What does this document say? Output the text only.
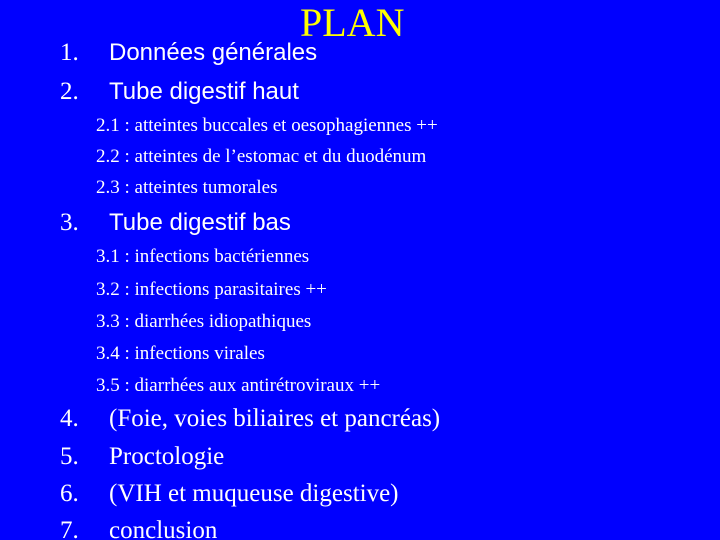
PLAN
1. Données générales
2. Tube digestif haut
2.1 : atteintes buccales et oesophagiennes ++
2.2 : atteintes de l’estomac et du duodénum
2.3 : atteintes tumorales
3. Tube digestif bas
3.1 : infections bactériennes
3.2 : infections parasitaires ++
3.3 : diarrhées idiopathiques
3.4 : infections virales
3.5 : diarrhées aux antirétroviraux ++
4. (Foie, voies biliaires et pancréas)
5. Proctologie
6. (VIH et muqueuse digestive)
7. conclusion
